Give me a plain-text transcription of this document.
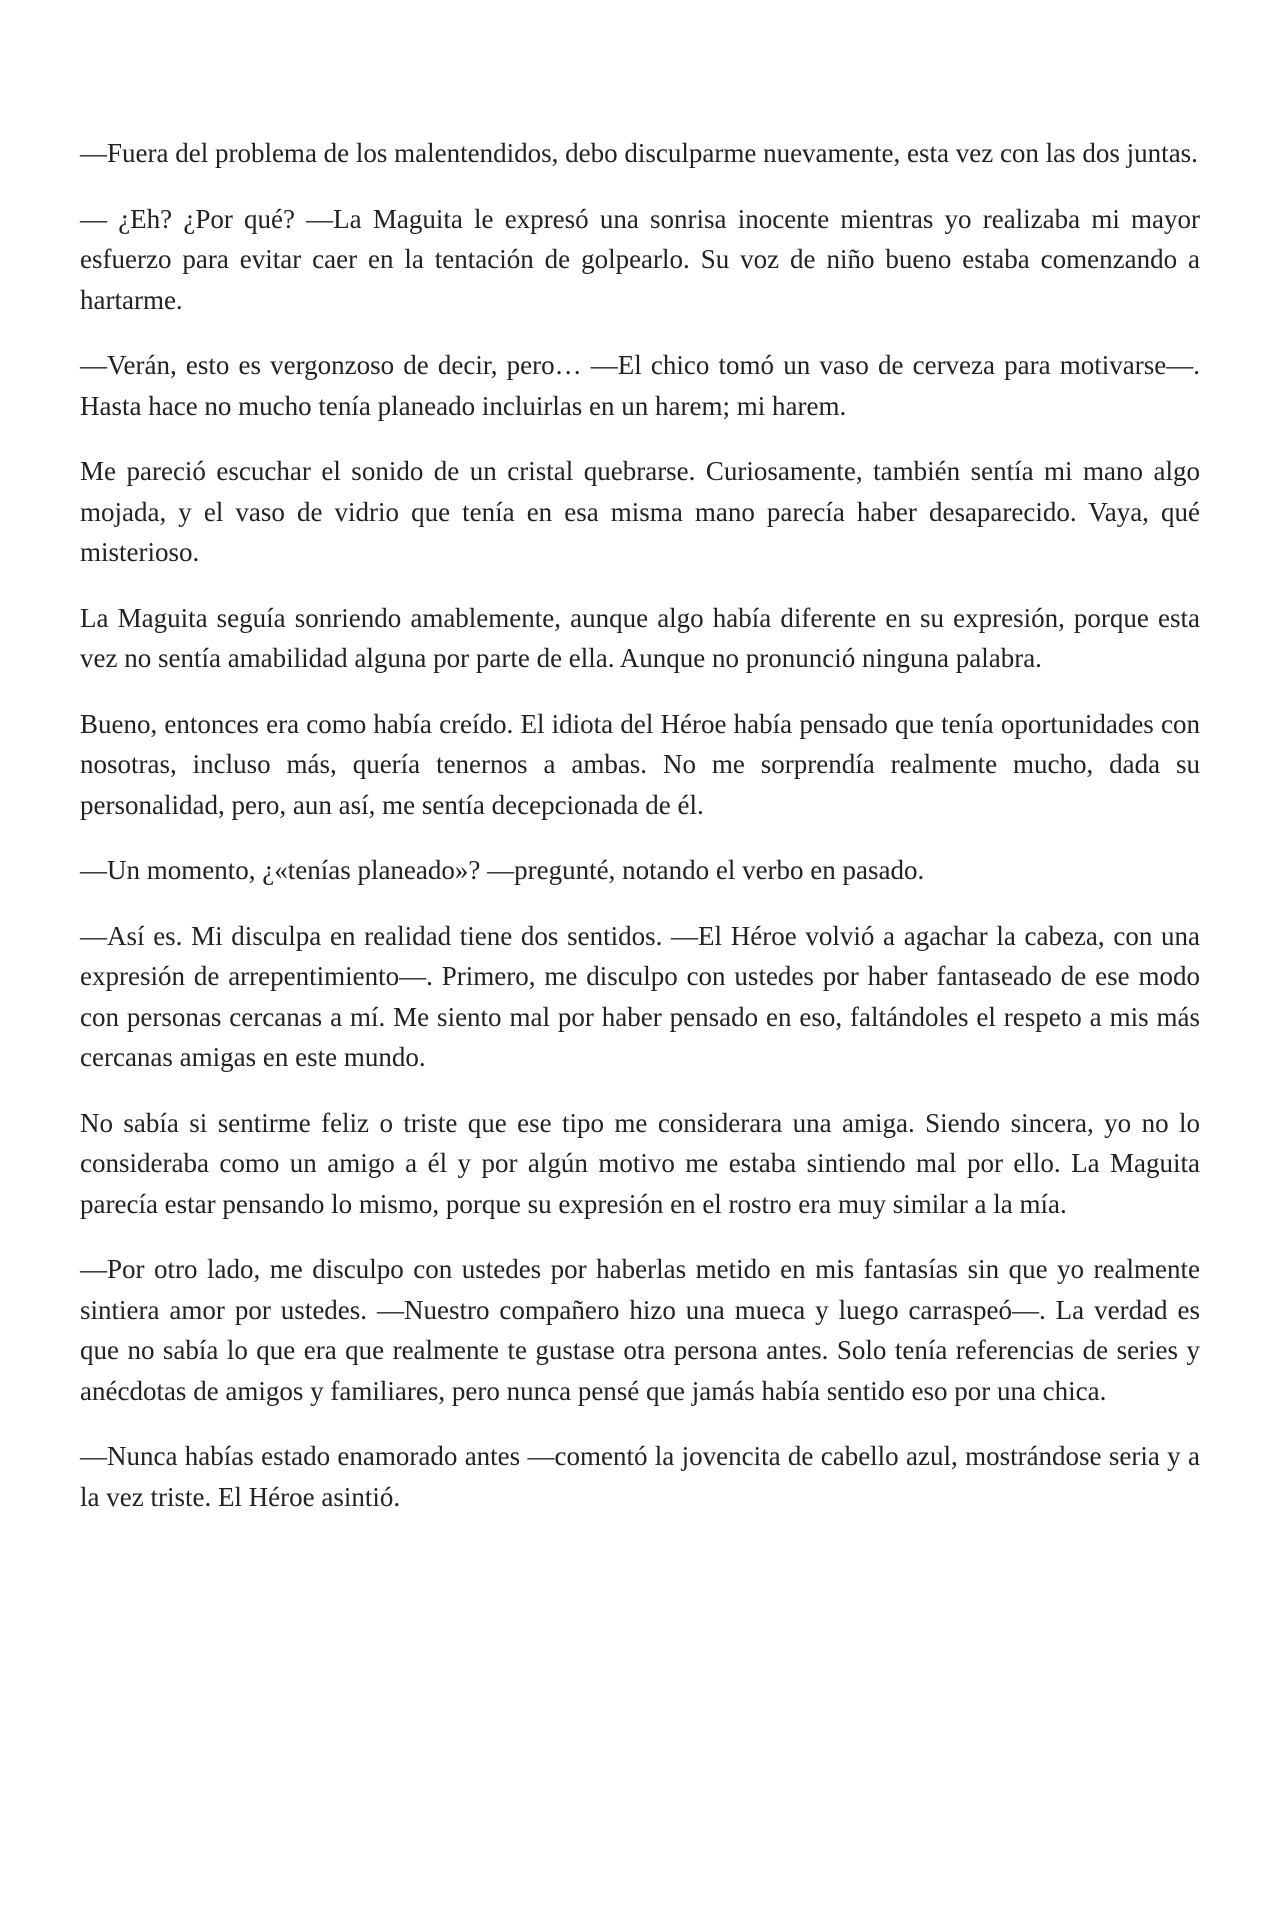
—Fuera del problema de los malentendidos, debo disculparme nuevamente, esta vez con las dos juntas.

— ¿Eh? ¿Por qué? —La Maguita le expresó una sonrisa inocente mientras yo realizaba mi mayor esfuerzo para evitar caer en la tentación de golpearlo. Su voz de niño bueno estaba comenzando a hartarme.

—Verán, esto es vergonzoso de decir, pero… —El chico tomó un vaso de cerveza para motivarse—. Hasta hace no mucho tenía planeado incluirlas en un harem; mi harem.

Me pareció escuchar el sonido de un cristal quebrarse. Curiosamente, también sentía mi mano algo mojada, y el vaso de vidrio que tenía en esa misma mano parecía haber desaparecido. Vaya, qué misterioso.

La Maguita seguía sonriendo amablemente, aunque algo había diferente en su expresión, porque esta vez no sentía amabilidad alguna por parte de ella. Aunque no pronunció ninguna palabra.

Bueno, entonces era como había creído. El idiota del Héroe había pensado que tenía oportunidades con nosotras, incluso más, quería tenernos a ambas. No me sorprendía realmente mucho, dada su personalidad, pero, aun así, me sentía decepcionada de él.

—Un momento, ¿«tenías planeado»? —pregunté, notando el verbo en pasado.

—Así es. Mi disculpa en realidad tiene dos sentidos. —El Héroe volvió a agachar la cabeza, con una expresión de arrepentimiento—. Primero, me disculpo con ustedes por haber fantaseado de ese modo con personas cercanas a mí. Me siento mal por haber pensado en eso, faltándoles el respeto a mis más cercanas amigas en este mundo.

No sabía si sentirme feliz o triste que ese tipo me considerara una amiga. Siendo sincera, yo no lo consideraba como un amigo a él y por algún motivo me estaba sintiendo mal por ello. La Maguita parecía estar pensando lo mismo, porque su expresión en el rostro era muy similar a la mía.

—Por otro lado, me disculpo con ustedes por haberlas metido en mis fantasías sin que yo realmente sintiera amor por ustedes. —Nuestro compañero hizo una mueca y luego carraspeó—. La verdad es que no sabía lo que era que realmente te gustase otra persona antes. Solo tenía referencias de series y anécdotas de amigos y familiares, pero nunca pensé que jamás había sentido eso por una chica.

—Nunca habías estado enamorado antes —comentó la jovencita de cabello azul, mostrándose seria y a la vez triste. El Héroe asintió.
